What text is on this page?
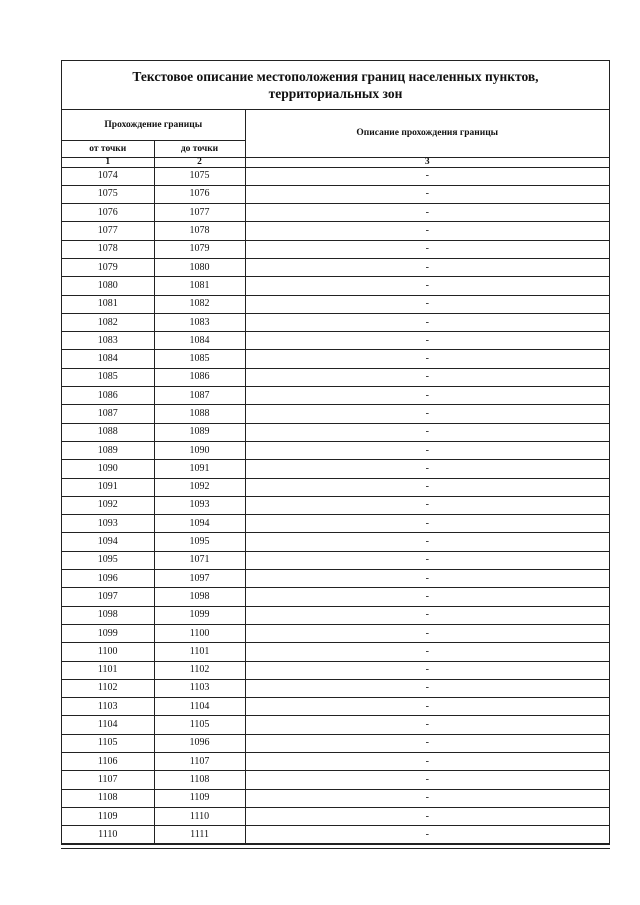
Текстовое описание местоположения границ населенных пунктов,
территориальных зон
Прохождение границы		Описание прохождения границы
от точки	до точки	
1	2	3
1074	1075	-
1075	1076	-
1076	1077	-
1077	1078	-
1078	1079	-
1079	1080	-
1080	1081	-
1081	1082	-
1082	1083	-
1083	1084	-
1084	1085	-
1085	1086	-
1086	1087	-
1087	1088	-
1088	1089	-
1089	1090	-
1090	1091	-
1091	1092	-
1092	1093	-
1093	1094	-
1094	1095	-
1095	1071	-
1096	1097	-
1097	1098	-
1098	1099	-
1099	1100	-
1100	1101	-
1101	1102	-
1102	1103	-
1103	1104	-
1104	1105	-
1105	1096	-
1106	1107	-
1107	1108	-
1108	1109	-
1109	1110	-
1110	1111	-
